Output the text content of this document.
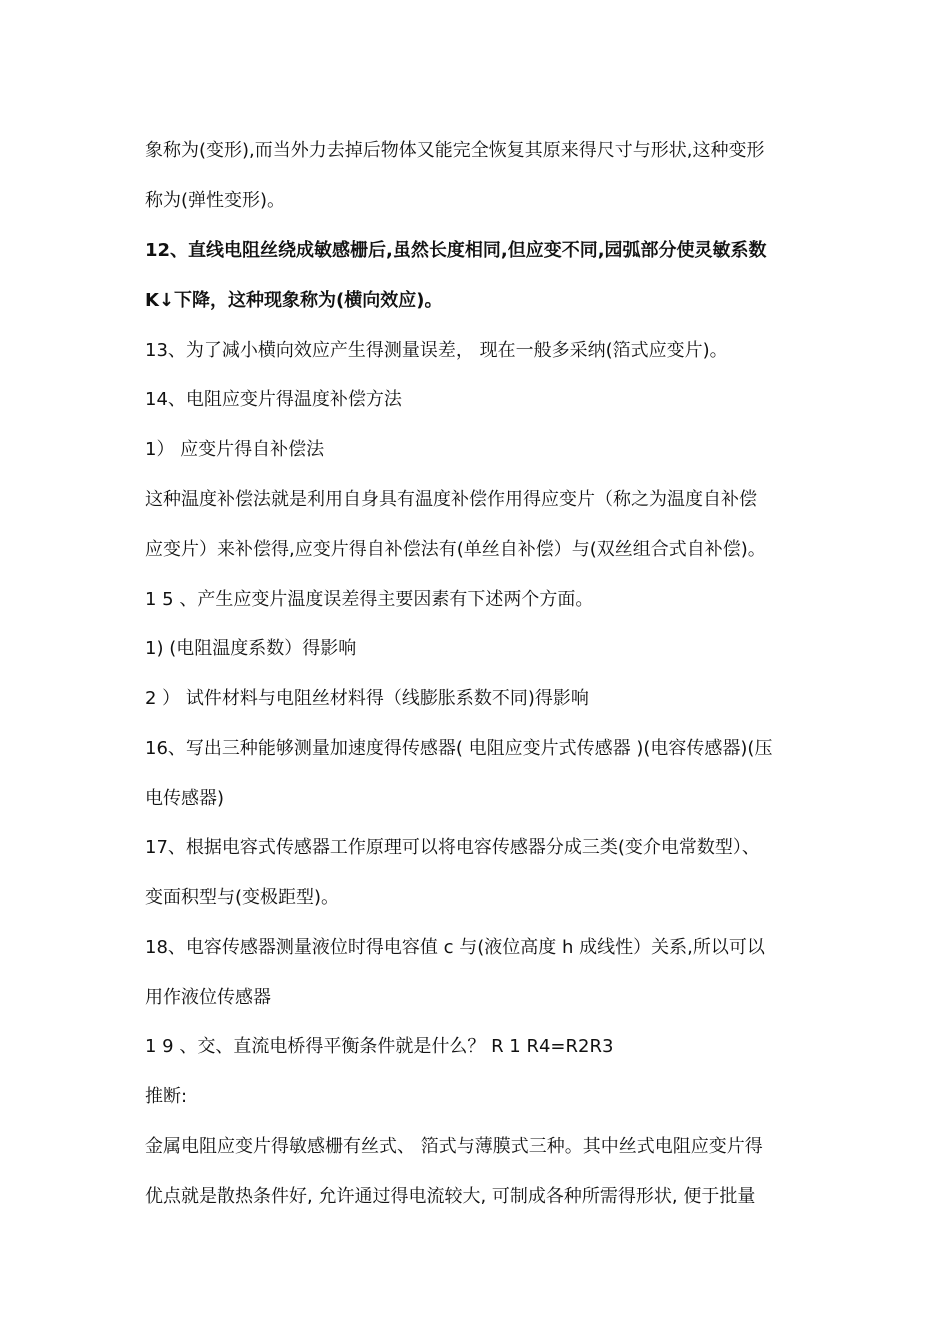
象称为(变形),而当外力去掉后物体又能完全恢复其原来得尺寸与形状,这种变形
称为(弹性变形)。
12、直线电阻丝绕成敏感栅后,虽然长度相同,但应变不同,园弧部分使灵敏系数
K↓下降，这种现象称为(横向效应)。
13、为了减小横向效应产生得测量误差， 现在一般多采纳(箔式应变片)。
14、电阻应变片得温度补偿方法
1） 应变片得自补偿法
这种温度补偿法就是利用自身具有温度补偿作用得应变片（称之为温度自补偿
应变片）来补偿得,应变片得自补偿法有(单丝自补偿）与(双丝组合式自补偿)。
1 5 、产生应变片温度误差得主要因素有下述两个方面。
1) (电阻温度系数）得影响
2 ） 试件材料与电阻丝材料得（线膨胀系数不同)得影响
16、写出三种能够测量加速度得传感器( 电阻应变片式传感器 )(电容传感器)(压
电传感器)
17、根据电容式传感器工作原理可以将电容传感器分成三类(变介电常数型）、
变面积型与(变极距型)。
18、电容传感器测量液位时得电容值 c 与(液位高度 h 成线性）关系,所以可以
用作液位传感器
1 9 、交、直流电桥得平衡条件就是什么？ R 1 R4=R2R3
推断:
金属电阻应变片得敏感栅有丝式、 箔式与薄膜式三种。其中丝式电阻应变片得
优点就是散热条件好, 允许通过得电流较大, 可制成各种所需得形状, 便于批量
